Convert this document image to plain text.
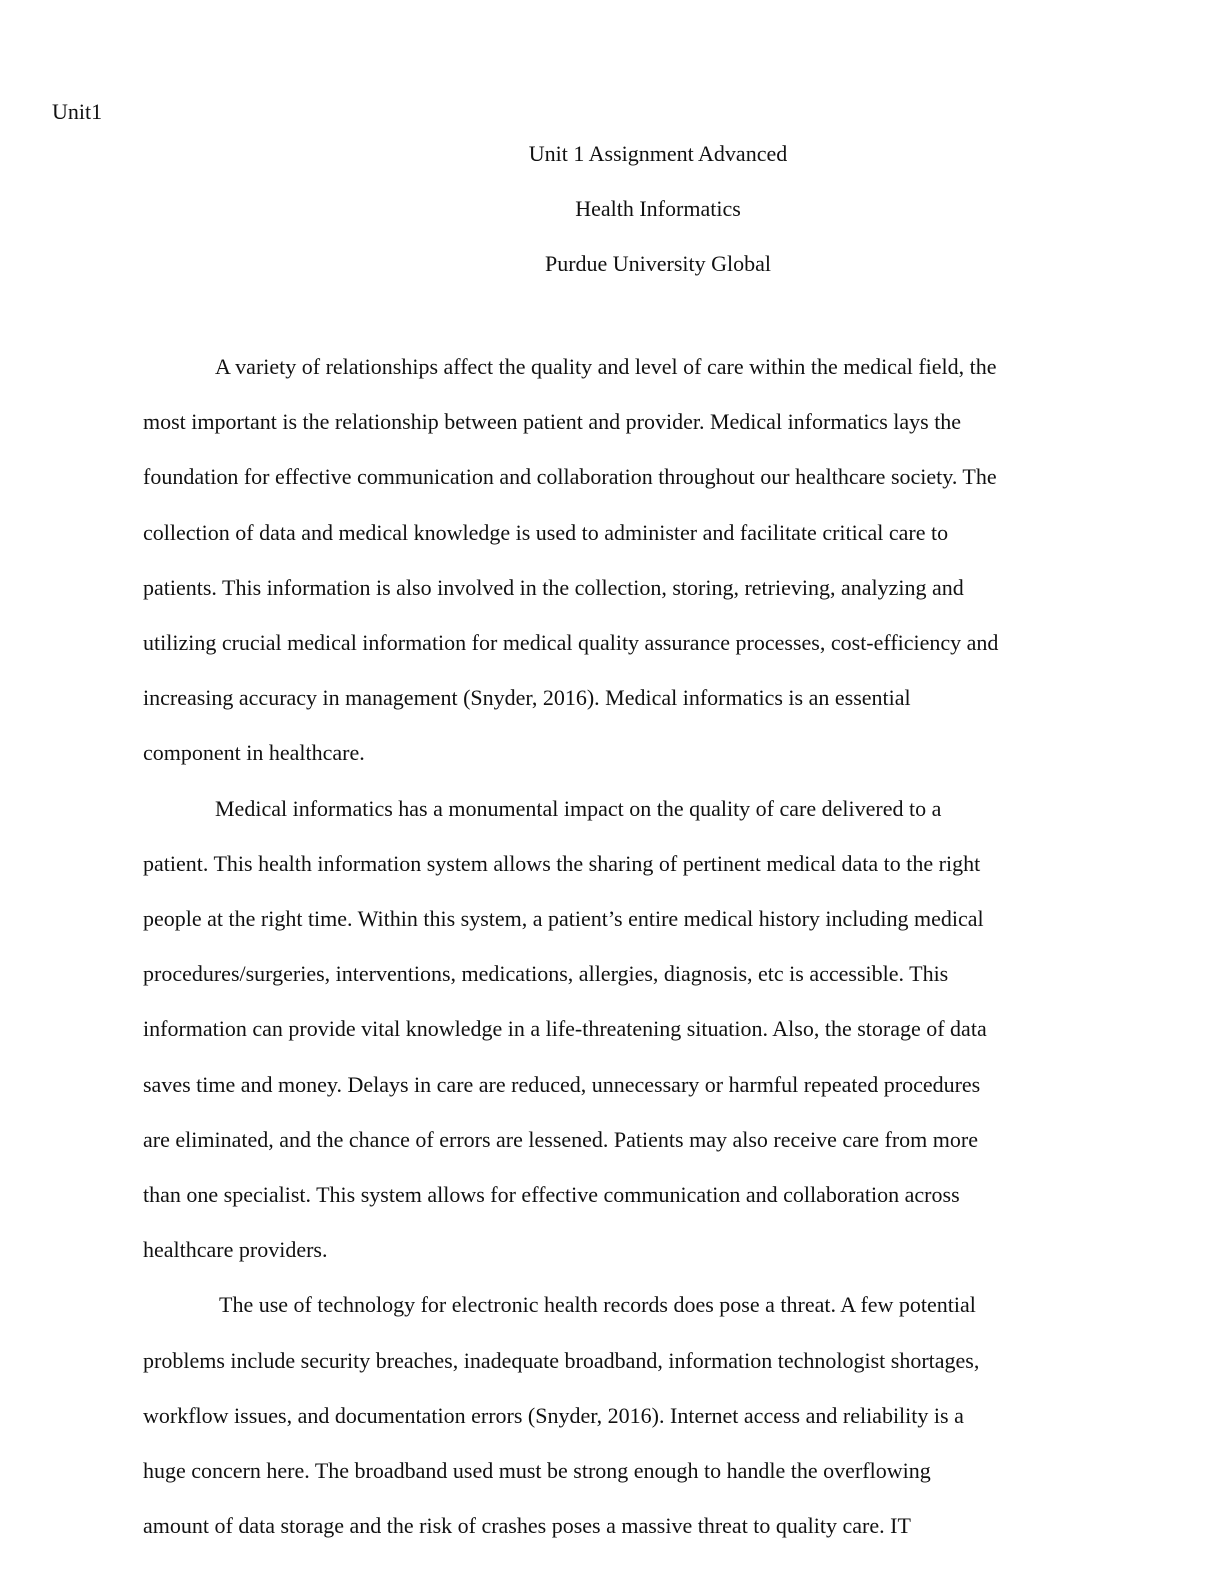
Unit1

Unit 1 Assignment Advanced
Health Informatics
Purdue University Global

A variety of relationships affect the quality and level of care within the medical field, the
most important is the relationship between patient and provider. Medical informatics lays the
foundation for effective communication and collaboration throughout our healthcare society. The
collection of data and medical knowledge is used to administer and facilitate critical care to
patients. This information is also involved in the collection, storing, retrieving, analyzing and
utilizing crucial medical information for medical quality assurance processes, cost-efficiency and
increasing accuracy in management (Snyder, 2016). Medical informatics is an essential
component in healthcare.

Medical informatics has a monumental impact on the quality of care delivered to a
patient. This health information system allows the sharing of pertinent medical data to the right
people at the right time. Within this system, a patient’s entire medical history including medical
procedures/surgeries, interventions, medications, allergies, diagnosis, etc is accessible. This
information can provide vital knowledge in a life-threatening situation. Also, the storage of data
saves time and money. Delays in care are reduced, unnecessary or harmful repeated procedures
are eliminated, and the chance of errors are lessened. Patients may also receive care from more
than one specialist. This system allows for effective communication and collaboration across
healthcare providers.

The use of technology for electronic health records does pose a threat. A few potential
problems include security breaches, inadequate broadband, information technologist shortages,
workflow issues, and documentation errors (Snyder, 2016). Internet access and reliability is a
huge concern here. The broadband used must be strong enough to handle the overflowing
amount of data storage and the risk of crashes poses a massive threat to quality care. IT
